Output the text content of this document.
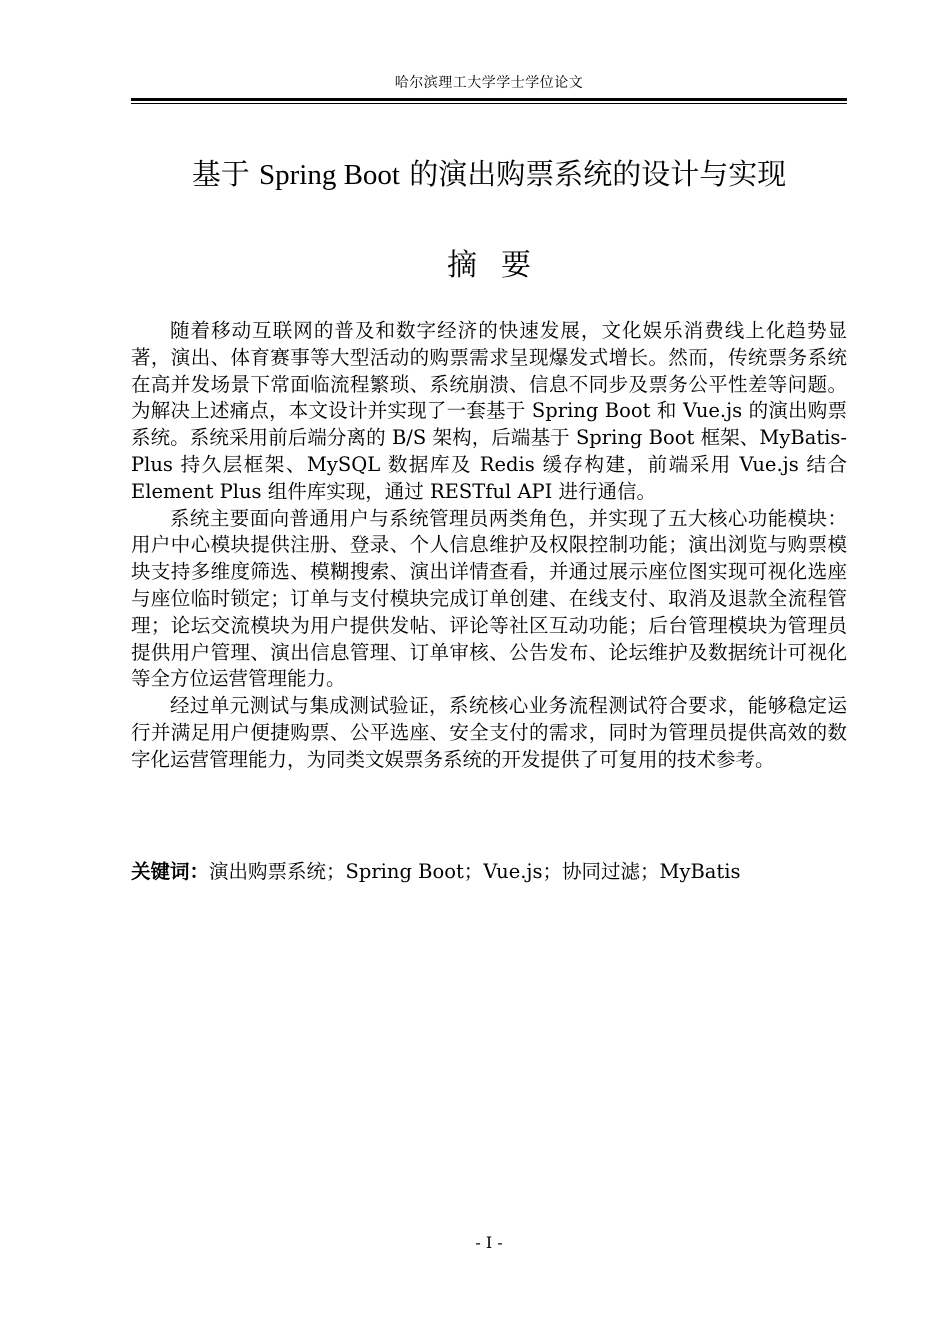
哈尔滨理工大学学士学位论文
基于 Spring Boot 的演出购票系统的设计与实现
摘要

随着移动互联网的普及和数字经济的快速发展，文化娱乐消费线上化趋势显著，演出、体育赛事等大型活动的购票需求呈现爆发式增长。然而，传统票务系统在高并发场景下常面临流程繁琐、系统崩溃、信息不同步及票务公平性差等问题。为解决上述痛点，本文设计并实现了一套基于 Spring Boot 和 Vue.js 的演出购票系统。系统采用前后端分离的 B/S 架构，后端基于 Spring Boot 框架、MyBatis-Plus 持久层框架、MySQL 数据库及 Redis 缓存构建，前端采用 Vue.js 结合 Element Plus 组件库实现，通过 RESTful API 进行通信。

系统主要面向普通用户与系统管理员两类角色，并实现了五大核心功能模块：用户中心模块提供注册、登录、个人信息维护及权限控制功能；演出浏览与购票模块支持多维度筛选、模糊搜索、演出详情查看，并通过展示座位图实现可视化选座与座位临时锁定；订单与支付模块完成订单创建、在线支付、取消及退款全流程管理；论坛交流模块为用户提供发帖、评论等社区互动功能；后台管理模块为管理员提供用户管理、演出信息管理、订单审核、公告发布、论坛维护及数据统计可视化等全方位运营管理能力。

经过单元测试与集成测试验证，系统核心业务流程测试符合要求，能够稳定运行并满足用户便捷购票、公平选座、安全支付的需求，同时为管理员提供高效的数字化运营管理能力，为同类文娱票务系统的开发提供了可复用的技术参考。

关键词：演出购票系统；Spring Boot；Vue.js；协同过滤；MyBatis
- I -
